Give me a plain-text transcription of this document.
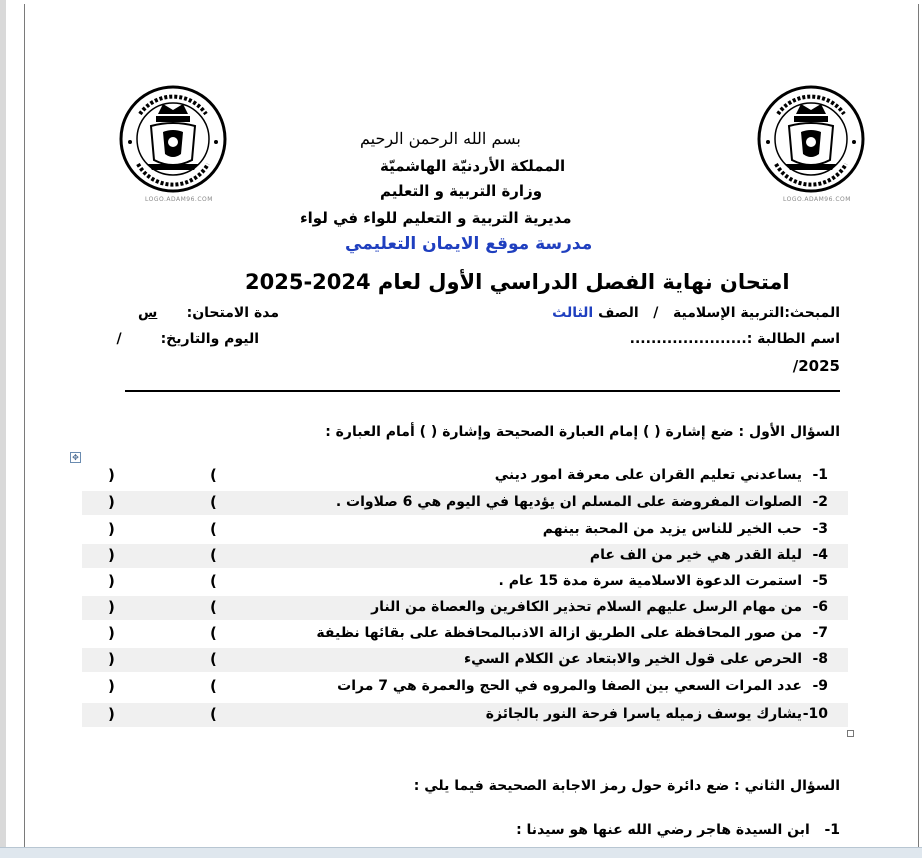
LOGO.ADAM96.COM	LOGO.ADAM96.COM
بسم الله الرحمن الرحيم
المملكة الأردنيّة الهاشميّة
وزارة التربية و التعليم
مديرية التربية و التعليم للواء في لواء
مدرسة موقع الايمان التعليمي
امتحان نهاية الفصل الدراسي الأول لعام 2024-2025
المبحث:التربية الإسلامية   /   الصف الثالث
مدة الامتحان:      س
اسم الطالبة :......................
اليوم والتاريخ:        /
2025/
السؤال الأول : ضع إشارة ( ) إمام العبارة الصحيحة وإشارة ( ) أمام العبارة :
✥
-1
يساعدني تعليم القران على معرفة امور ديني
)	(
-2
الصلوات المفروضة على المسلم ان يؤديها في اليوم هي 6 صلاوات .
)	(
-3
حب الخير للناس يزيد من المحبة بينهم
)	(
-4
ليلة القدر هي خير من الف عام
)	(
-5
استمرت الدعوة الاسلامية سرة مدة 15 عام .
)	(
-6
من مهام الرسل عليهم السلام تحذير الكافرين والعصاة من النار
)	(
-7
من صور المحافظة على الطريق ازالة الاذىبالمحافظة على بقائها نظيفة
)	(
-8
الحرص على قول الخير والابتعاد عن الكلام السيء
)	(
-9
عدد المرات السعي بين الصفا والمروه في الحج والعمرة هي 7 مرات
)	(
-10
يشارك يوسف زميله ياسرا فرحة النور بالجائزة
)	(
السؤال الثاني : ضع دائرة حول رمز الاجابة الصحيحة فيما يلي :
-1   ابن السيدة هاجر رضي الله عنها هو سيدنا :
